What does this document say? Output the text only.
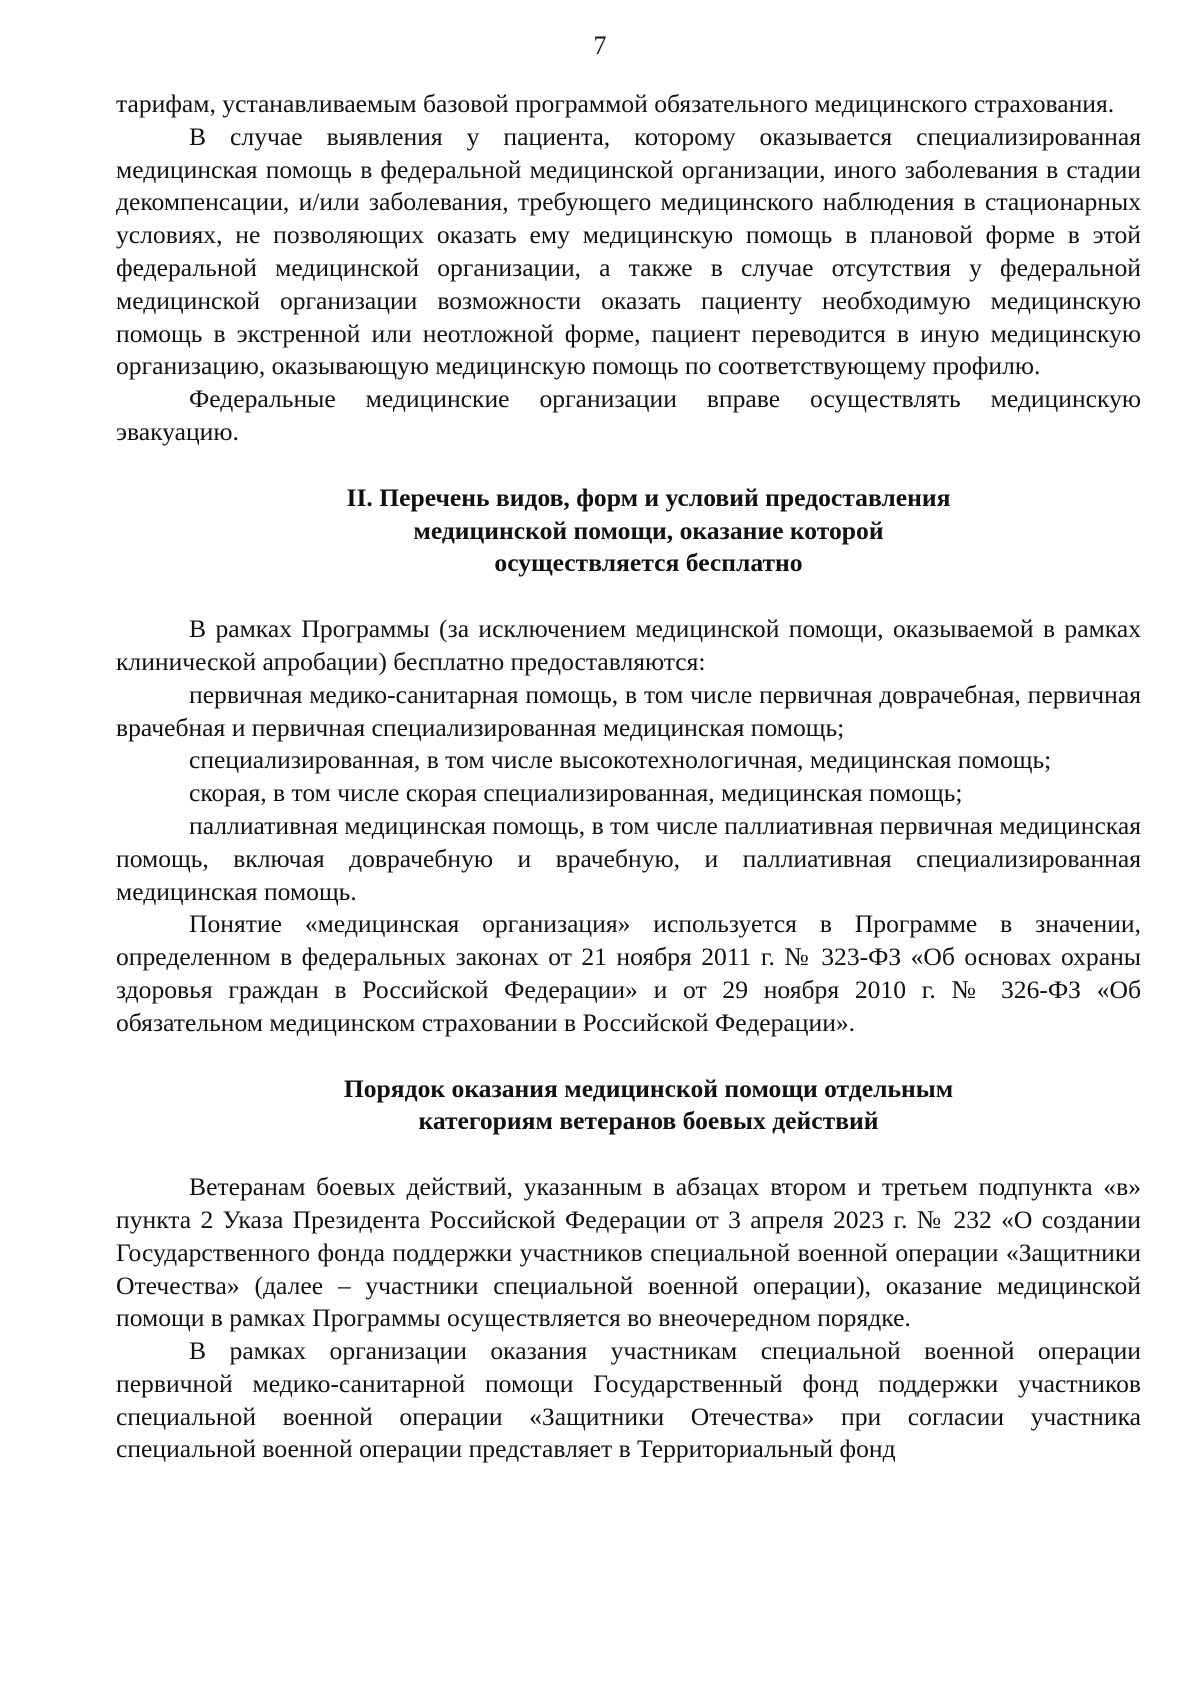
7

тарифам, устанавливаемым базовой программой обязательного медицинского страхования.

В случае выявления у пациента, которому оказывается специализированная медицинская помощь в федеральной медицинской организации, иного заболевания в стадии декомпенсации, и/или заболевания, требующего медицинского наблюдения в стационарных условиях, не позволяющих оказать ему медицинскую помощь в плановой форме в этой федеральной медицинской организации, а также в случае отсутствия у федеральной медицинской организации возможности оказать пациенту необходимую медицинскую помощь в экстренной или неотложной форме, пациент переводится в иную медицинскую организацию, оказывающую медицинскую помощь по соответствующему профилю.

Федеральные медицинские организации вправе осуществлять медицинскую эвакуацию.

II. Перечень видов, форм и условий предоставления
медицинской помощи, оказание которой
осуществляется бесплатно

В рамках Программы (за исключением медицинской помощи, оказываемой в рамках клинической апробации) бесплатно предоставляются:

первичная медико-санитарная помощь, в том числе первичная доврачебная, первичная врачебная и первичная специализированная медицинская помощь;

специализированная, в том числе высокотехнологичная, медицинская помощь;

скорая, в том числе скорая специализированная, медицинская помощь;

паллиативная медицинская помощь, в том числе паллиативная первичная медицинская помощь, включая доврачебную и врачебную, и паллиативная специализированная медицинская помощь.

Понятие «медицинская организация» используется в Программе в значении, определенном в федеральных законах от 21 ноября 2011 г. № 323-ФЗ «Об основах охраны здоровья граждан в Российской Федерации» и от 29 ноября 2010 г. № 326-ФЗ «Об обязательном медицинском страховании в Российской Федерации».

Порядок оказания медицинской помощи отдельным
категориям ветеранов боевых действий

Ветеранам боевых действий, указанным в абзацах втором и третьем подпункта «в» пункта 2 Указа Президента Российской Федерации от 3 апреля 2023 г. № 232 «О создании Государственного фонда поддержки участников специальной военной операции «Защитники Отечества» (далее – участники специальной военной операции), оказание медицинской помощи в рамках Программы осуществляется во внеочередном порядке.

В рамках организации оказания участникам специальной военной операции первичной медико-санитарной помощи Государственный фонд поддержки участников специальной военной операции «Защитники Отечества» при согласии участника специальной военной операции представляет в Территориальный фонд
